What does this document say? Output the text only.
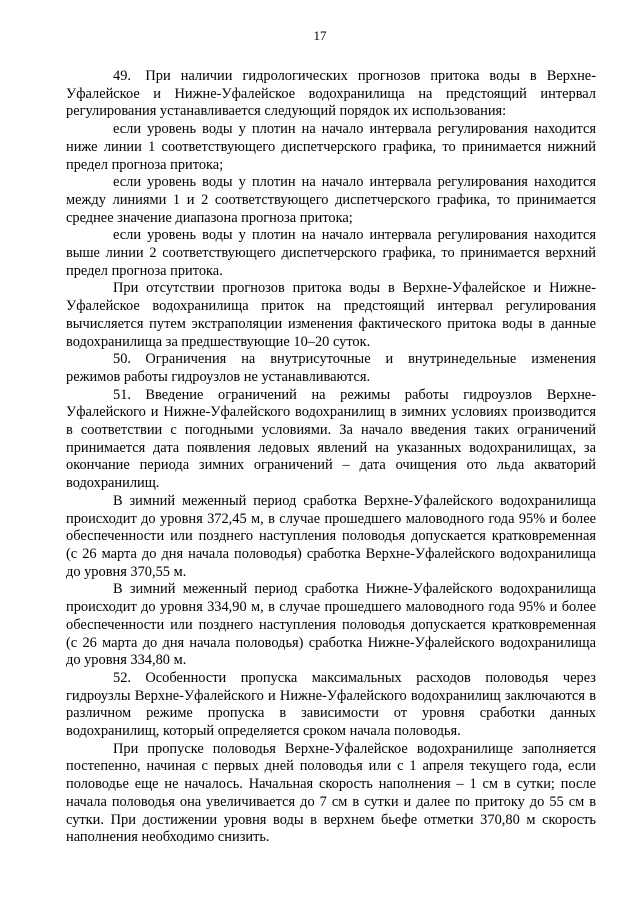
17

49.  При наличии гидрологических прогнозов притока воды в Верхне-Уфалейское и Нижне-Уфалейское водохранилища на предстоящий интервал регулирования устанавливается следующий порядок их использования:

если уровень воды у плотин на начало интервала регулирования находится ниже линии 1 соответствующего диспетчерского графика, то принимается нижний предел прогноза притока;

если уровень воды у плотин на начало интервала регулирования находится между линиями 1 и 2 соответствующего диспетчерского графика, то принимается среднее значение диапазона прогноза притока;

если уровень воды у плотин на начало интервала регулирования находится выше линии 2 соответствующего диспетчерского графика, то принимается верхний предел прогноза притока.

При отсутствии прогнозов притока воды в Верхне-Уфалейское и Нижне-Уфалейское водохранилища приток на предстоящий интервал регулирования вычисляется путем экстраполяции изменения фактического притока воды в данные водохранилища за предшествующие 10–20 суток.

50.  Ограничения на внутрисуточные и внутринедельные изменения режимов работы гидроузлов не устанавливаются.

51.  Введение ограничений на режимы работы гидроузлов Верхне-Уфалейского и Нижне-Уфалейского водохранилищ в зимних условиях производится в соответствии с погодными условиями. За начало введения таких ограничений принимается дата появления ледовых явлений на указанных водохранилищах, за окончание периода зимних ограничений – дата очищения ото льда акваторий водохранилищ.

В зимний меженный период сработка Верхне-Уфалейского водохранилища происходит до уровня 372,45 м, в случае прошедшего маловодного года 95% и более обеспеченности или позднего наступления половодья допускается кратковременная (с 26 марта до дня начала половодья) сработка Верхне-Уфалейского водохранилища до уровня 370,55 м.

В зимний меженный период сработка Нижне-Уфалейского водохранилища происходит до уровня 334,90 м, в случае прошедшего маловодного года 95% и более обеспеченности или позднего наступления половодья допускается кратковременная (с 26 марта до дня начала половодья) сработка Нижне-Уфалейского водохранилища до уровня 334,80 м.

52.  Особенности пропуска максимальных расходов половодья через гидроузлы Верхне-Уфалейского и Нижне-Уфалейского водохранилищ заключаются в различном режиме пропуска в зависимости от уровня сработки данных водохранилищ, который определяется сроком начала половодья.

При пропуске половодья Верхне-Уфалейское водохранилище заполняется постепенно, начиная с первых дней половодья или с 1 апреля текущего года, если половодье еще не началось. Начальная скорость наполнения – 1 см в сутки; после начала половодья она увеличивается до 7 см в сутки и далее по притоку до 55 см в сутки. При достижении уровня воды в верхнем бьефе отметки 370,80 м скорость наполнения необходимо снизить.
